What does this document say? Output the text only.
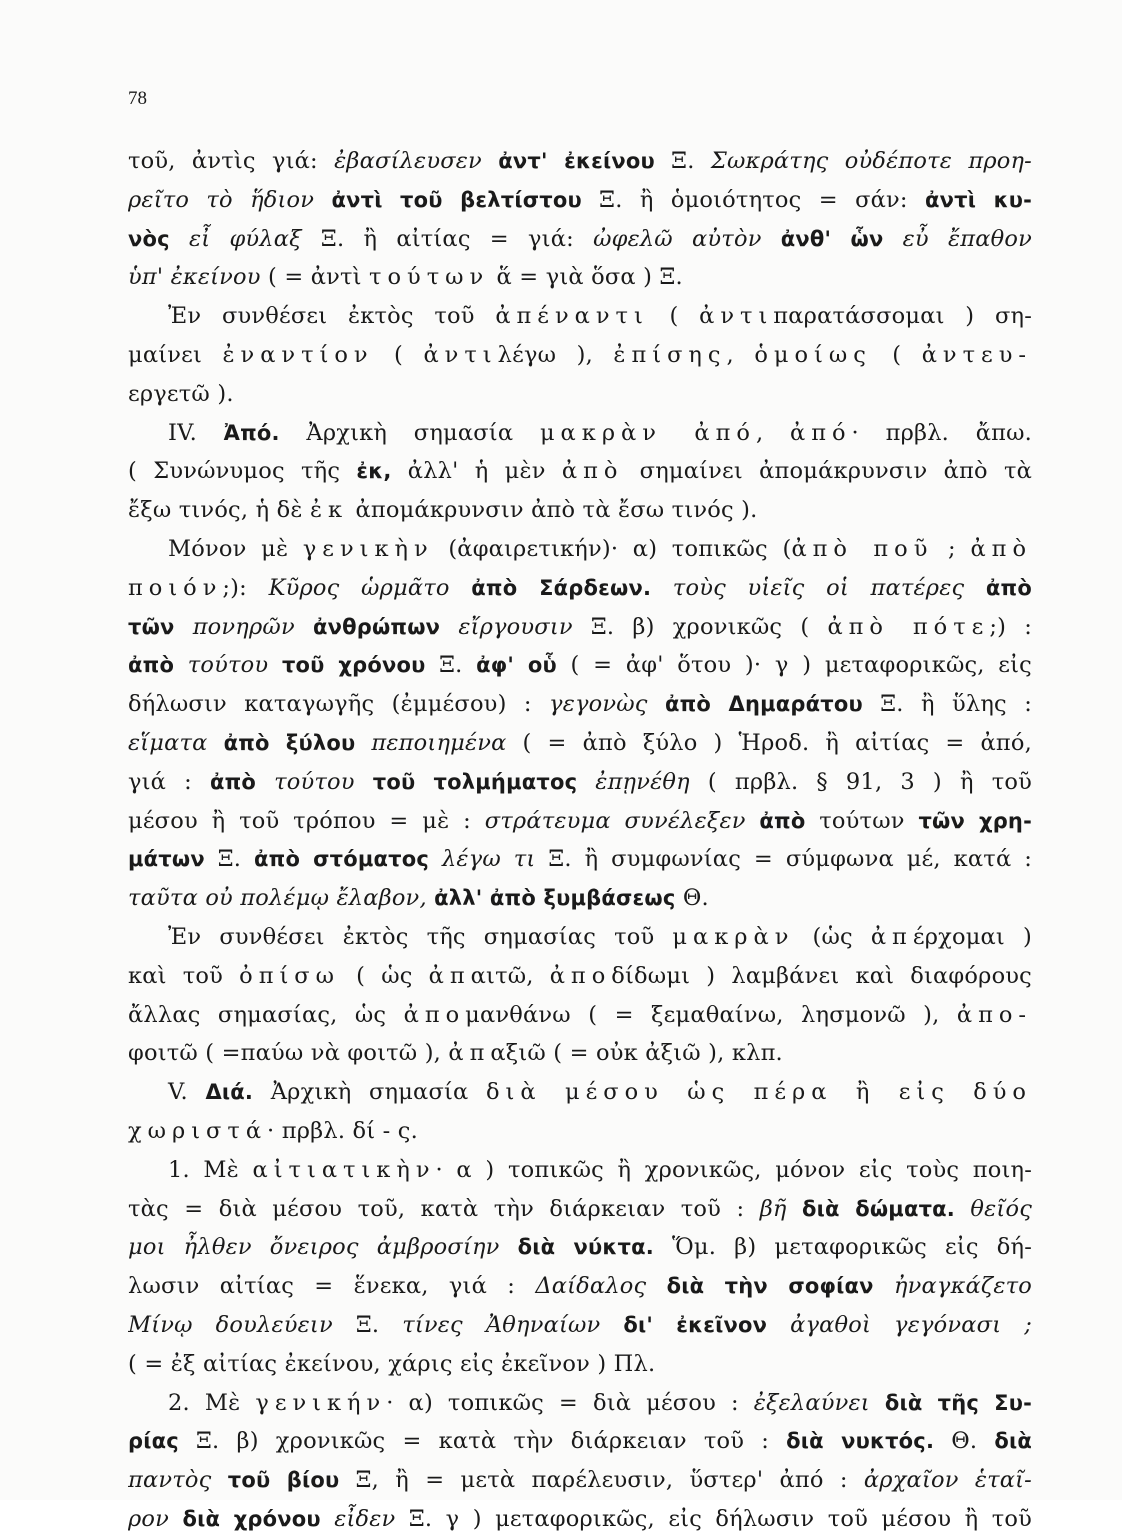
78
τοῦ, ἀντὶς γιά: ἐβασίλευσεν ἀντ' ἐκείνου Ξ. Σωκράτης οὐδέποτε προη-
ρεῖτο τὸ ἥδιον ἀντὶ τοῦ βελτίστου Ξ. ἢ ὁμοιότητος = σάν: ἀντὶ κυ-
νὸς εἶ φύλαξ Ξ. ἢ αἰτίας = γιά: ὠφελῶ αὐτὸν ἀνθ' ὧν εὖ ἔπαθον
ὑπ' ἐκείνου ( = ἀντὶ τούτων ἅ = γιὰ ὅσα ) Ξ.
Ἐν συνθέσει ἐκτὸς τοῦ ἀπέναντι ( ἀντιπαρατάσσομαι ) ση-
μαίνει ἐναντίον ( ἀντιλέγω ), ἐπίσης, ὁμοίως ( ἀντευ-
εργετῶ ).
IV. Ἀπό. Ἀρχικὴ σημασία μακρὰν ἀπό, ἀπό· πρβλ. ἄπω.
( Συνώνυμος τῆς ἐκ, ἀλλ' ἡ μὲν ἀπὸ σημαίνει ἀπομάκρυνσιν ἀπὸ τὰ
ἔξω τινός, ἡ δὲ ἐκ ἀπομάκρυνσιν ἀπὸ τὰ ἔσω τινός ).
Μόνον μὲ γενικὴν (ἀφαιρετικήν)· α) τοπικῶς (ἀπὸ ποῦ ; ἀπὸ
ποιόν;): Κῦρος ὡρμᾶτο ἀπὸ Σάρδεων. τοὺς υἱεῖς οἱ πατέρες ἀπὸ
τῶν πονηρῶν ἀνθρώπων εἴργουσιν Ξ. β) χρονικῶς ( ἀπὸ πότε;) :
ἀπὸ τούτου τοῦ χρόνου Ξ. ἀφ' οὗ ( = ἀφ' ὅτου )· γ ) μεταφορικῶς, εἰς
δήλωσιν καταγωγῆς (ἐμμέσου) : γεγονὼς ἀπὸ Δημαράτου Ξ. ἢ ὕλης :
εἵματα ἀπὸ ξύλου πεποιημένα ( = ἀπὸ ξύλο ) Ἡροδ. ἢ αἰτίας = ἀπό,
γιά : ἀπὸ τούτου τοῦ τολμήματος ἐπῃνέθη ( πρβλ. § 91, 3 ) ἢ τοῦ
μέσου ἢ τοῦ τρόπου = μὲ : στράτευμα συνέλεξεν ἀπὸ τούτων τῶν χρη-
μάτων Ξ. ἀπὸ στόματος λέγω τι Ξ. ἢ συμφωνίας = σύμφωνα μέ, κατά :
ταῦτα οὐ πολέμῳ ἔλαβον, ἀλλ' ἀπὸ ξυμβάσεως Θ.
Ἐν συνθέσει ἐκτὸς τῆς σημασίας τοῦ μακρὰν (ὡς ἀπέρχομαι )
καὶ τοῦ ὀπίσω ( ὡς ἀπαιτῶ, ἀποδίδωμι ) λαμβάνει καὶ διαφόρους
ἄλλας σημασίας, ὡς ἀπομανθάνω ( = ξεμαθαίνω, λησμονῶ ), ἀπο-
φοιτῶ ( =παύω νὰ φοιτῶ ), ἀπαξιῶ ( = οὐκ ἀξιῶ ), κλπ.
V. Διά. Ἀρχικὴ σημασία διὰ μέσου ὡς πέρα ἢ εἰς δύο
χωριστά· πρβλ. δί - ς.
1. Μὲ αἰτιατικὴν· α ) τοπικῶς ἢ χρονικῶς, μόνον εἰς τοὺς ποιη-
τὰς = διὰ μέσου τοῦ, κατὰ τὴν διάρκειαν τοῦ : βῆ διὰ δώματα. θεῖός
μοι ἦλθεν ὄνειρος ἀμβροσίην διὰ νύκτα. Ὅμ. β) μεταφορικῶς εἰς δή-
λωσιν αἰτίας = ἕνεκα, γιά : Δαίδαλος διὰ τὴν σοφίαν ἠναγκάζετο
Μίνῳ δουλεύειν Ξ. τίνες Ἀθηναίων δι' ἐκεῖνον ἀγαθοὶ γεγόνασι ;
( = ἐξ αἰτίας ἐκείνου, χάρις εἰς ἐκεῖνον ) Πλ.
2. Μὲ γενικήν· α) τοπικῶς = διὰ μέσου : ἐξελαύνει διὰ τῆς Συ-
ρίας Ξ. β) χρονικῶς = κατὰ τὴν διάρκειαν τοῦ : διὰ νυκτός. Θ. διὰ
παντὸς τοῦ βίου Ξ, ἢ = μετὰ παρέλευσιν, ὕστερ' ἀπό : ἀρχαῖον ἑταῖ-
ρον διὰ χρόνου εἶδεν Ξ. γ ) μεταφορικῶς, εἰς δήλωσιν τοῦ μέσου ἢ τοῦ
